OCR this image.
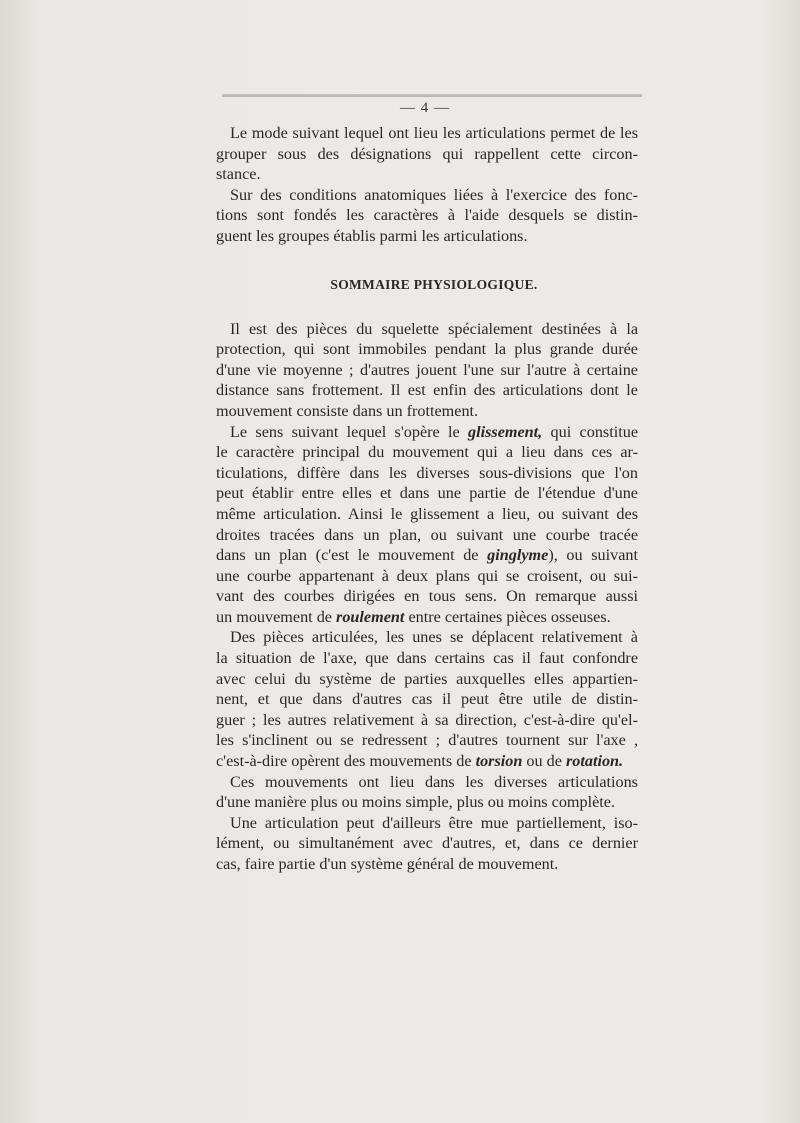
— 4 —
Le mode suivant lequel ont lieu les articulations permet de les
grouper sous des désignations qui rappellent cette circon-
stance.
Sur des conditions anatomiques liées à l'exercice des fonc-
tions sont fondés les caractères à l'aide desquels se distin-
guent les groupes établis parmi les articulations.
SOMMAIRE PHYSIOLOGIQUE.
Il est des pièces du squelette spécialement destinées à la
protection, qui sont immobiles pendant la plus grande durée
d'une vie moyenne ; d'autres jouent l'une sur l'autre à certaine
distance sans frottement. Il est enfin des articulations dont le
mouvement consiste dans un frottement.
Le sens suivant lequel s'opère le glissement, qui constitue
le caractère principal du mouvement qui a lieu dans ces ar-
ticulations, diffère dans les diverses sous-divisions que l'on
peut établir entre elles et dans une partie de l'étendue d'une
même articulation. Ainsi le glissement a lieu, ou suivant des
droites tracées dans un plan, ou suivant une courbe tracée
dans un plan (c'est le mouvement de ginglyme), ou suivant
une courbe appartenant à deux plans qui se croisent, ou sui-
vant des courbes dirigées en tous sens. On remarque aussi
un mouvement de roulement entre certaines pièces osseuses.
Des pièces articulées, les unes se déplacent relativement à
la situation de l'axe, que dans certains cas il faut confondre
avec celui du système de parties auxquelles elles appartien-
nent, et que dans d'autres cas il peut être utile de distin-
guer ; les autres relativement à sa direction, c'est-à-dire qu'el-
les s'inclinent ou se redressent ; d'autres tournent sur l'axe ,
c'est-à-dire opèrent des mouvements de torsion ou de rotation.
Ces mouvements ont lieu dans les diverses articulations
d'une manière plus ou moins simple, plus ou moins complète.
Une articulation peut d'ailleurs être mue partiellement, iso-
lément, ou simultanément avec d'autres, et, dans ce dernier
cas, faire partie d'un système général de mouvement.
